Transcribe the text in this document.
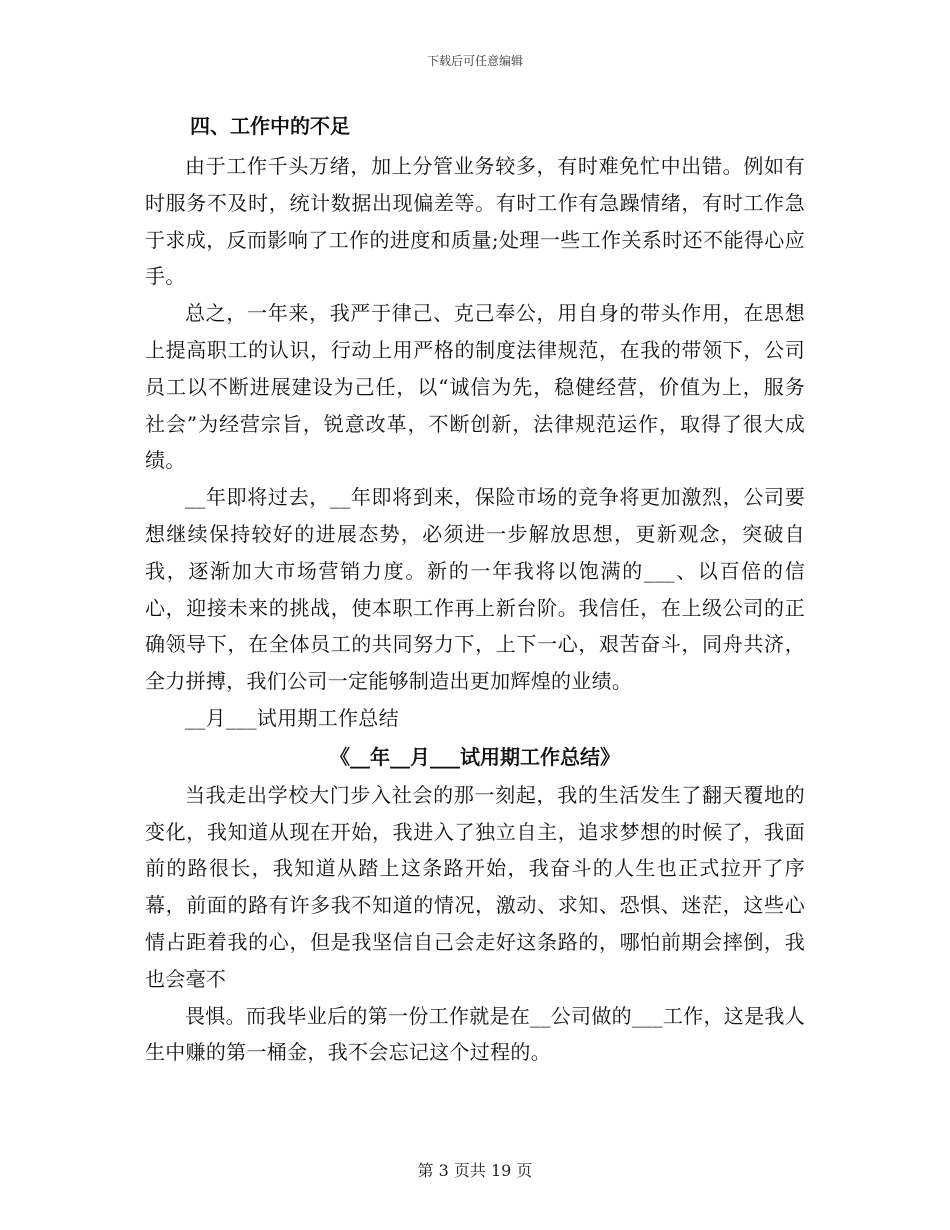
下载后可任意编辑

四、工作中的不足

由于工作千头万绪，加上分管业务较多，有时难免忙中出错。例如有时服务不及时，统计数据出现偏差等。有时工作有急躁情绪，有时工作急于求成，反而影响了工作的进度和质量;处理一些工作关系时还不能得心应手。

总之，一年来，我严于律己、克己奉公，用自身的带头作用，在思想上提高职工的认识，行动上用严格的制度法律规范，在我的带领下，公司员工以不断进展建设为己任，以“诚信为先，稳健经营，价值为上，服务社会”为经营宗旨，锐意改革，不断创新，法律规范运作，取得了很大成绩。

__年即将过去，__年即将到来，保险市场的竞争将更加激烈，公司要想继续保持较好的进展态势，必须进一步解放思想，更新观念，突破自我，逐渐加大市场营销力度。新的一年我将以饱满的___、以百倍的信心，迎接未来的挑战，使本职工作再上新台阶。我信任，在上级公司的正确领导下，在全体员工的共同努力下，上下一心，艰苦奋斗，同舟共济，全力拼搏，我们公司一定能够制造出更加辉煌的业绩。

__月___试用期工作总结

《__年__月___试用期工作总结》

当我走出学校大门步入社会的那一刻起，我的生活发生了翻天覆地的变化，我知道从现在开始，我进入了独立自主，追求梦想的时候了，我面前的路很长，我知道从踏上这条路开始，我奋斗的人生也正式拉开了序幕，前面的路有许多我不知道的情况，激动、求知、恐惧、迷茫，这些心情占距着我的心，但是我坚信自己会走好这条路的，哪怕前期会摔倒，我也会毫不

畏惧。而我毕业后的第一份工作就是在__公司做的___工作，这是我人生中赚的第一桶金，我不会忘记这个过程的。

第 3 页共 19 页
